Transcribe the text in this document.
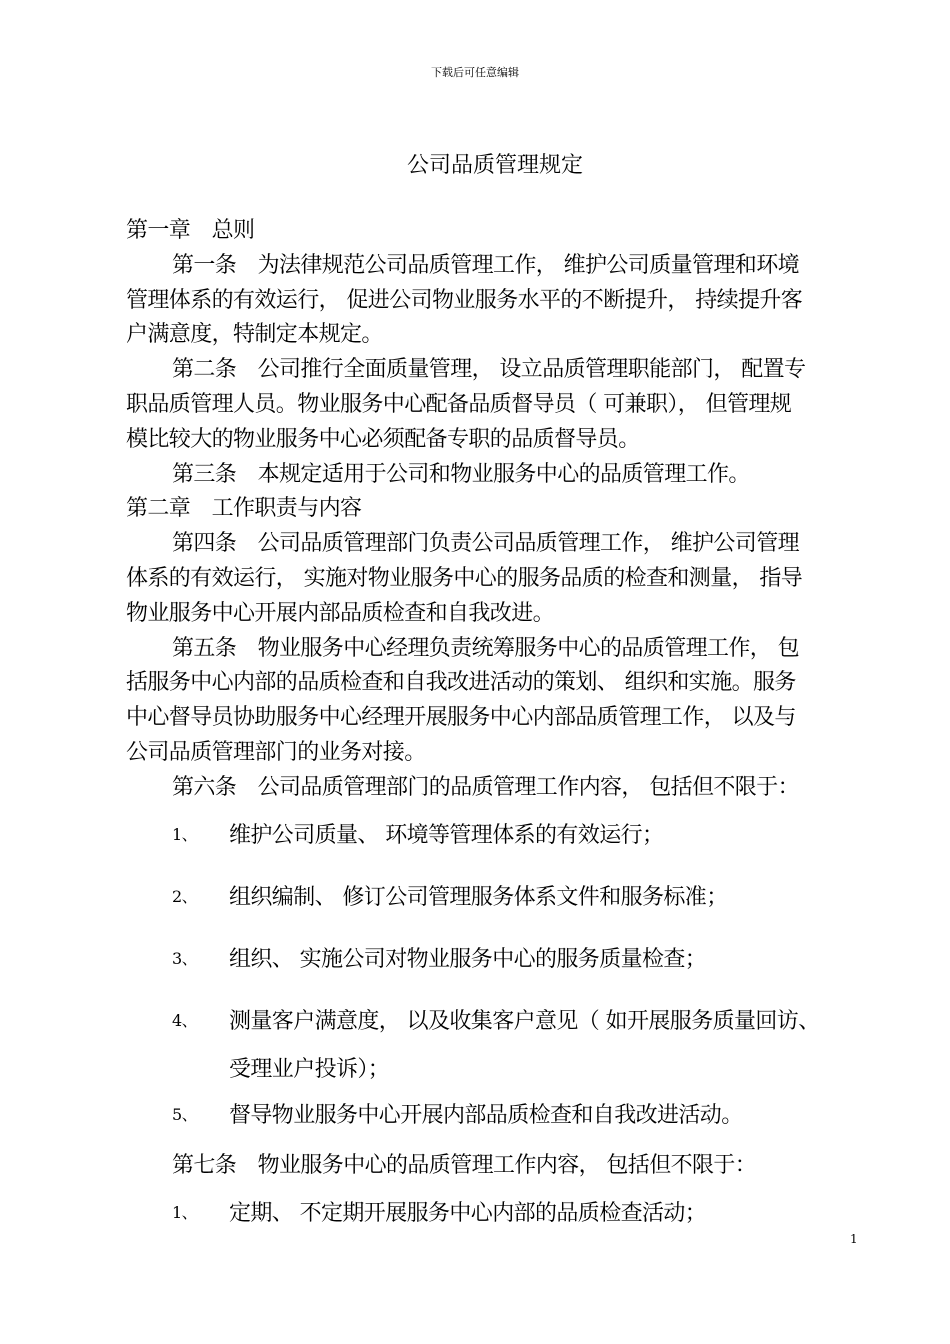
下载后可任意编辑
公司品质管理规定
第一章　总则
第一条　为法律规范公司品质管理工作， 维护公司质量管理和环境
管理体系的有效运行， 促进公司物业服务水平的不断提升， 持续提升客
户满意度，特制定本规定。
第二条　公司推行全面质量管理， 设立品质管理职能部门， 配置专
职品质管理人员。物业服务中心配备品质督导员（ 可兼职）， 但管理规
模比较大的物业服务中心必须配备专职的品质督导员。
第三条　本规定适用于公司和物业服务中心的品质管理工作。
第二章　工作职责与内容
第四条　公司品质管理部门负责公司品质管理工作， 维护公司管理
体系的有效运行， 实施对物业服务中心的服务品质的检查和测量， 指导
物业服务中心开展内部品质检查和自我改进。
第五条　物业服务中心经理负责统筹服务中心的品质管理工作， 包
括服务中心内部的品质检查和自我改进活动的策划、 组织和实施。服务
中心督导员协助服务中心经理开展服务中心内部品质管理工作， 以及与
公司品质管理部门的业务对接。
第六条　公司品质管理部门的品质管理工作内容， 包括但不限于：
1、 维护公司质量、 环境等管理体系的有效运行；
2、 组织编制、 修订公司管理服务体系文件和服务标准；
3、 组织、 实施公司对物业服务中心的服务质量检查；
4、 测量客户满意度， 以及收集客户意见（ 如开展服务质量回访、
受理业户投诉）；
5、 督导物业服务中心开展内部品质检查和自我改进活动。
第七条　物业服务中心的品质管理工作内容， 包括但不限于：
1、 定期、 不定期开展服务中心内部的品质检查活动；
1
